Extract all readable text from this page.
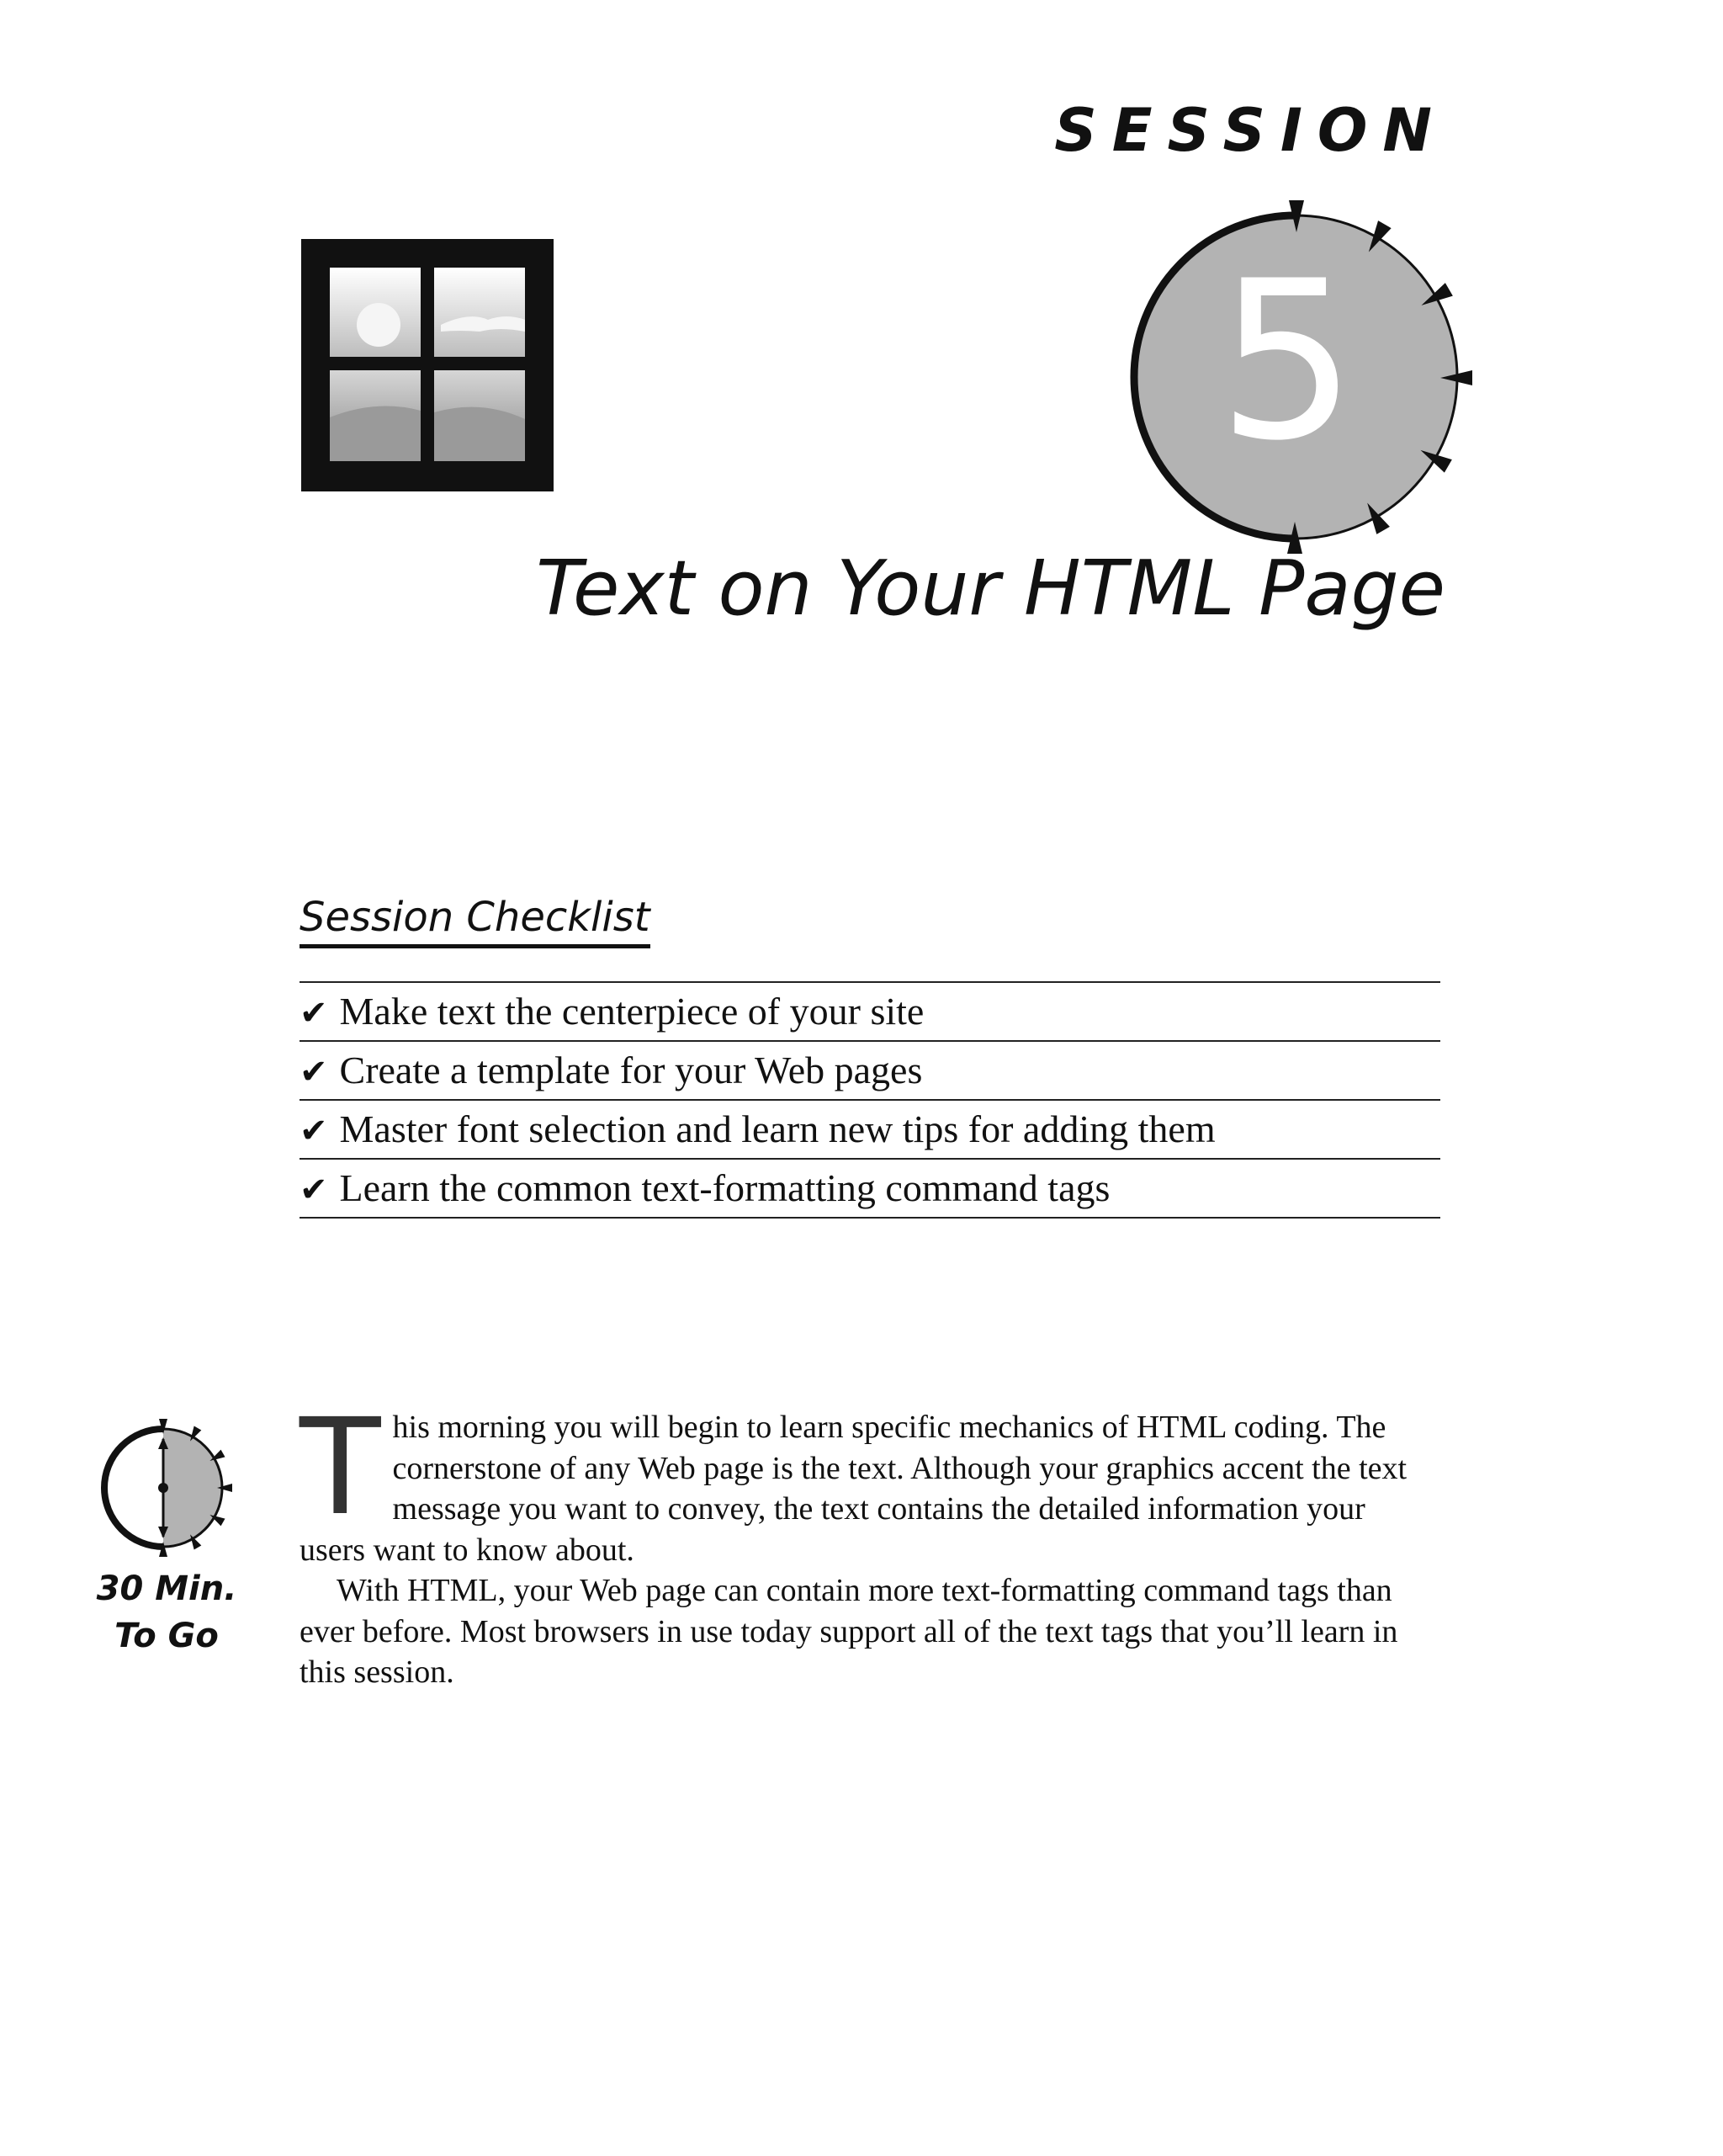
SESSION
5
Text on Your HTML Page
Session Checklist
✔ Make text the centerpiece of your site
✔ Create a template for your Web pages
✔ Master font selection and learn new tips for adding them
✔ Learn the common text-formatting command tags
30 Min.
To Go

This morning you will begin to learn specific mechanics of HTML coding. The cornerstone of any Web page is the text. Although your graphics accent the text message you want to convey, the text contains the detailed information your users want to know about.

With HTML, your Web page can contain more text-formatting command tags than ever before. Most browsers in use today support all of the text tags that you’ll learn in this session.
